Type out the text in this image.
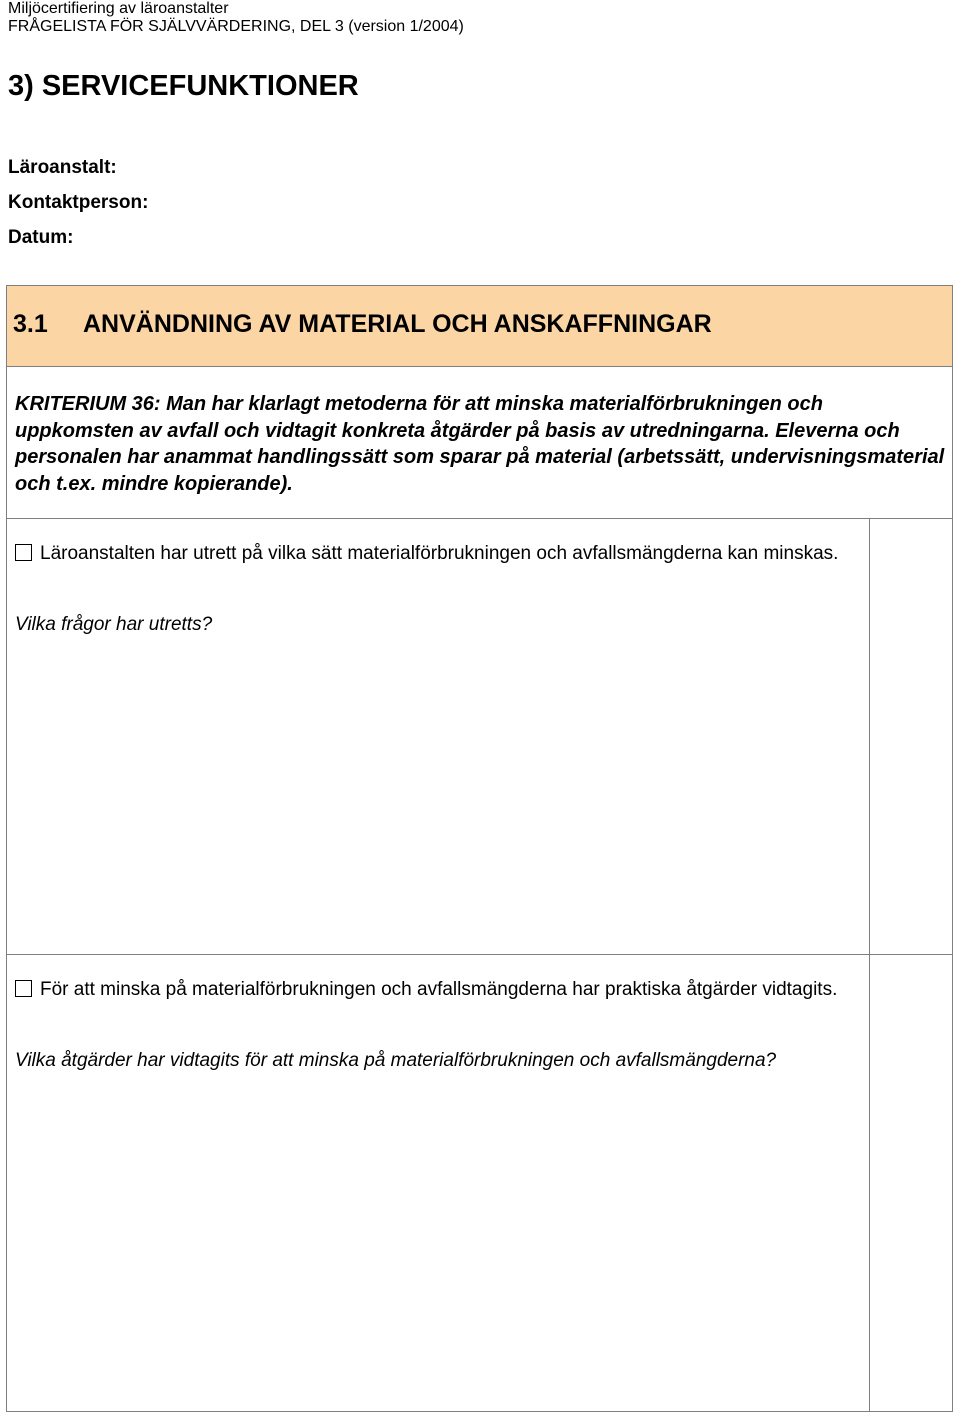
Miljöcertifiering av läroanstalter
FRÅGELISTA FÖR SJÄLVVÄRDERING, DEL 3 (version 1/2004)
3) SERVICEFUNKTIONER
Läroanstalt:
Kontaktperson:
Datum:
3.1 ANVÄNDNING AV MATERIAL OCH ANSKAFFNINGAR
KRITERIUM 36: Man har klarlagt metoderna för att minska materialförbrukningen och uppkomsten av avfall och vidtagit konkreta åtgärder på basis av utredningarna. Eleverna och personalen har anammat handlingssätt som sparar på material (arbetssätt, undervisningsmaterial och t.ex. mindre kopierande).
Läroanstalten har utrett på vilka sätt materialförbrukningen och avfallsmängderna kan minskas.
Vilka frågor har utretts?
För att minska på materialförbrukningen och avfallsmängderna har praktiska åtgärder vidtagits.
Vilka åtgärder har vidtagits för att minska på materialförbrukningen och avfallsmängderna?
